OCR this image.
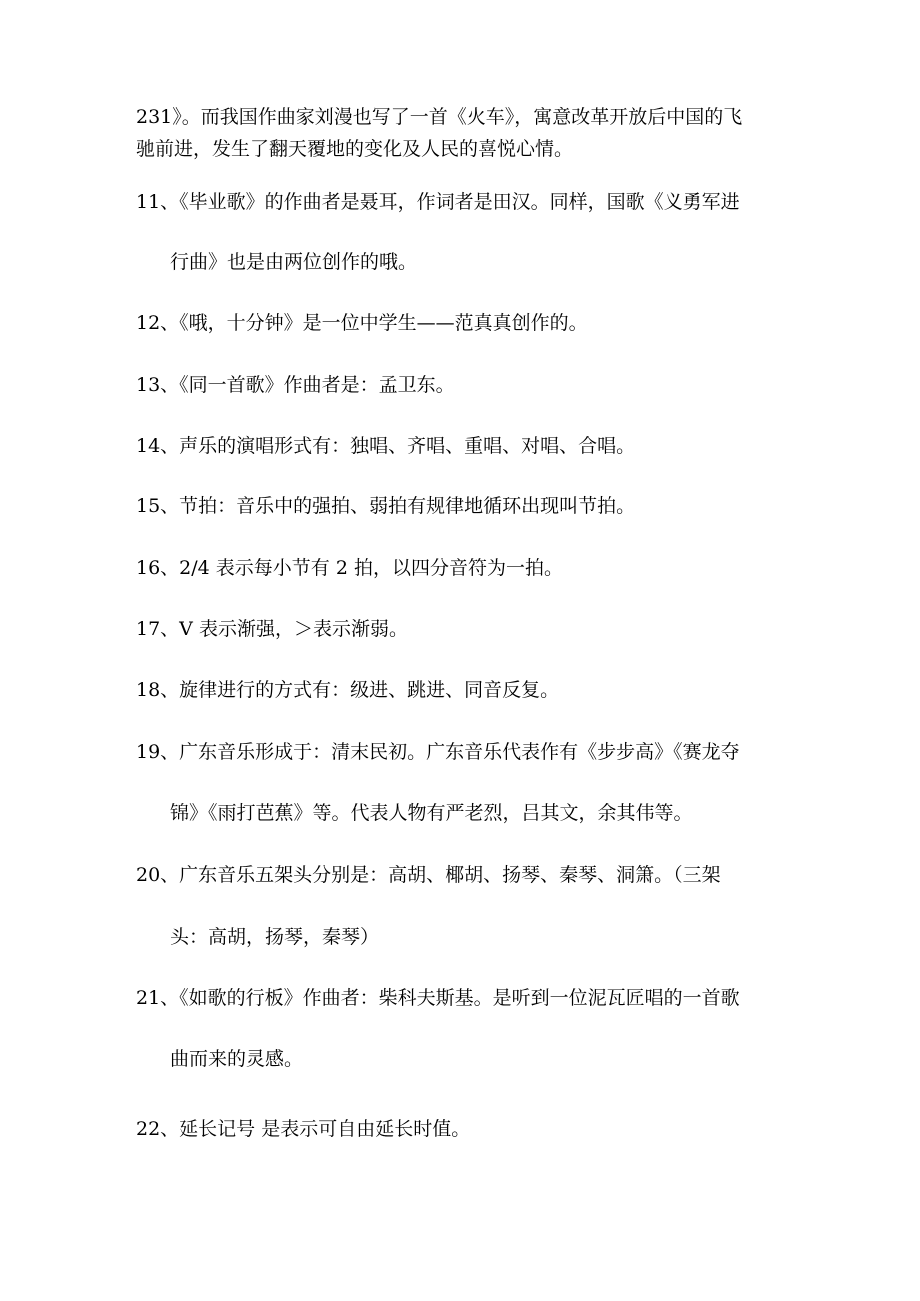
231》。而我国作曲家刘漫也写了一首《火车》，寓意改革开放后中国的飞
驰前进，发生了翻天覆地的变化及人民的喜悦心情。
11、《毕业歌》的作曲者是聂耳，作词者是田汉。同样，国歌《义勇军进
行曲》也是由两位创作的哦。
12、《哦，十分钟》是一位中学生——范真真创作的。
13、《同一首歌》作曲者是：孟卫东。
14、声乐的演唱形式有：独唱、齐唱、重唱、对唱、合唱。
15、节拍：音乐中的强拍、弱拍有规律地循环出现叫节拍。
16、2/4 表示每小节有 2 拍，以四分音符为一拍。
17、V 表示渐强，＞表示渐弱。
18、旋律进行的方式有：级进、跳进、同音反复。
19、广东音乐形成于：清末民初。广东音乐代表作有《步步高》《赛龙夺
锦》《雨打芭蕉》等。代表人物有严老烈，吕其文，余其伟等。
20、广东音乐五架头分别是：高胡、椰胡、扬琴、秦琴、洞箫。（三架
头：高胡，扬琴，秦琴）
21、《如歌的行板》作曲者：柴科夫斯基。是听到一位泥瓦匠唱的一首歌
曲而来的灵感。
22、延长记号 是表示可自由延长时值。
